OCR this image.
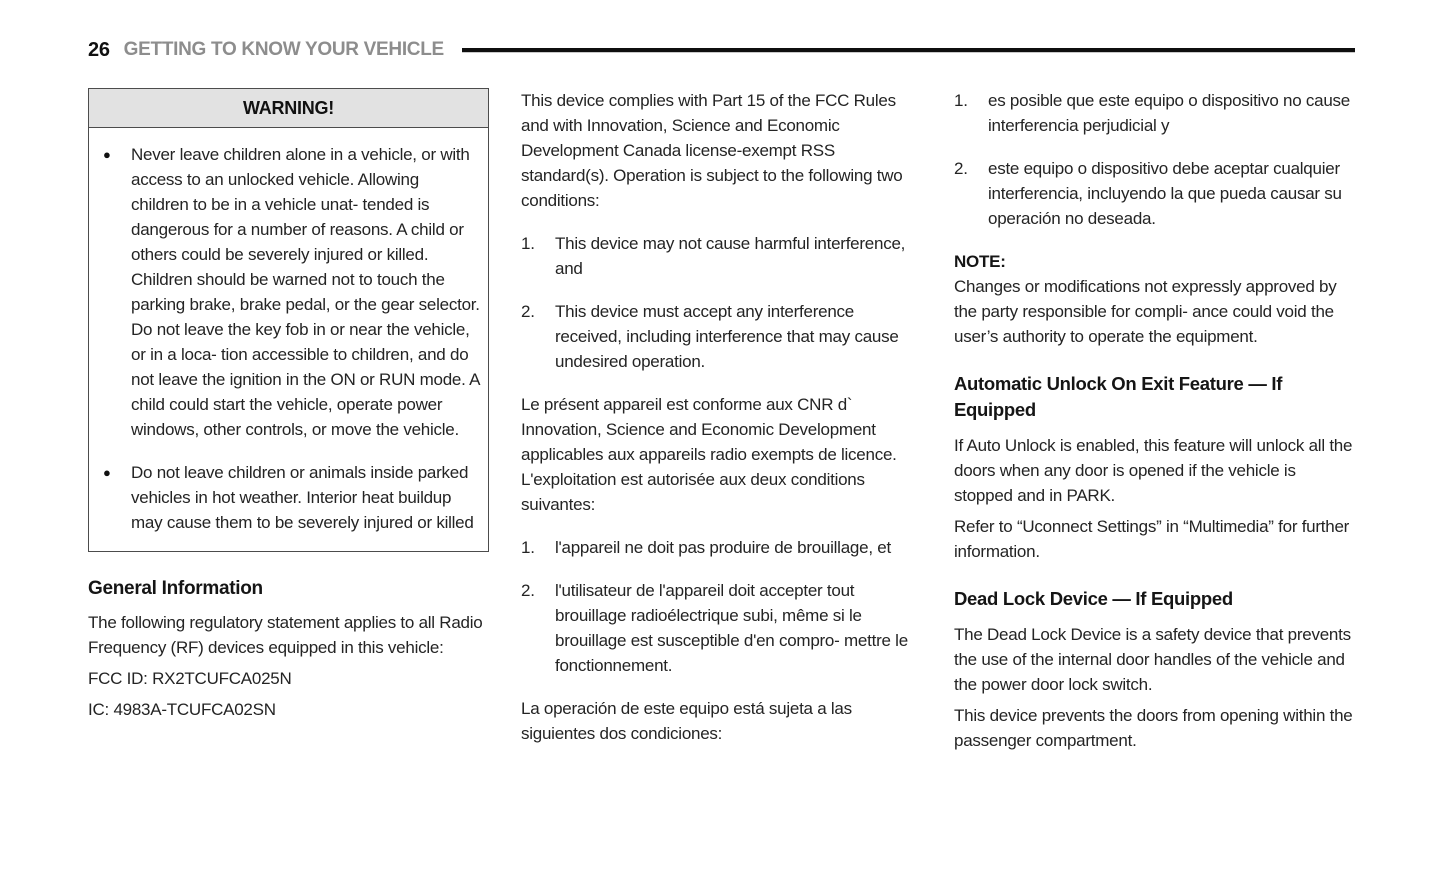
26 GETTING TO KNOW YOUR VEHICLE
WARNING!
●	Never leave children alone in a vehicle, or with access to an unlocked vehicle. Allowing children to be in a vehicle unat- tended is dangerous for a number of reasons. A child or others could be severely injured or killed. Children should be warned not to touch the parking brake, brake pedal, or the gear selector. Do not leave the key fob in or near the vehicle, or in a loca- tion accessible to children, and do not leave the ignition in the ON or RUN mode. A child could start the vehicle, operate power windows, other controls, or move the vehicle.
●	Do not leave children or animals inside parked vehicles in hot weather. Interior heat buildup may cause them to be severely injured or killed
General Information

The following regulatory statement applies to all Radio Frequency (RF) devices equipped in this vehicle:

FCC ID: RX2TCUFCA025N

IC: 4983A-TCUFCA02SN

This device complies with Part 15 of the FCC Rules and with Innovation, Science and Economic Development Canada license-exempt RSS standard(s). Operation is subject to the following two conditions:

1.	This device may not cause harmful interference, and
2.	This device must accept any interference received, including interference that may cause undesired operation.

Le présent appareil est conforme aux CNR d` Innovation, Science and Economic Development applicables aux appareils radio exempts de licence. L'exploitation est autorisée aux deux conditions suivantes:

1.	l'appareil ne doit pas produire de brouillage, et
2.	l'utilisateur de l'appareil doit accepter tout brouillage radioélectrique subi, même si le brouillage est susceptible d'en compro- mettre le fonctionnement.

La operación de este equipo está sujeta a las siguientes dos condiciones:

1.	es posible que este equipo o dispositivo no cause interferencia perjudicial y
2.	este equipo o dispositivo debe aceptar cualquier interferencia, incluyendo la que pueda causar su operación no deseada.
NOTE:

Changes or modifications not expressly approved by the party responsible for compli- ance could void the user’s authority to operate the equipment.

Automatic Unlock On Exit Feature — If Equipped

If Auto Unlock is enabled, this feature will unlock all the doors when any door is opened if the vehicle is stopped and in PARK.

Refer to “Uconnect Settings” in “Multimedia” for further information.

Dead Lock Device — If Equipped

The Dead Lock Device is a safety device that prevents the use of the internal door handles of the vehicle and the power door lock switch.

This device prevents the doors from opening within the passenger compartment.
